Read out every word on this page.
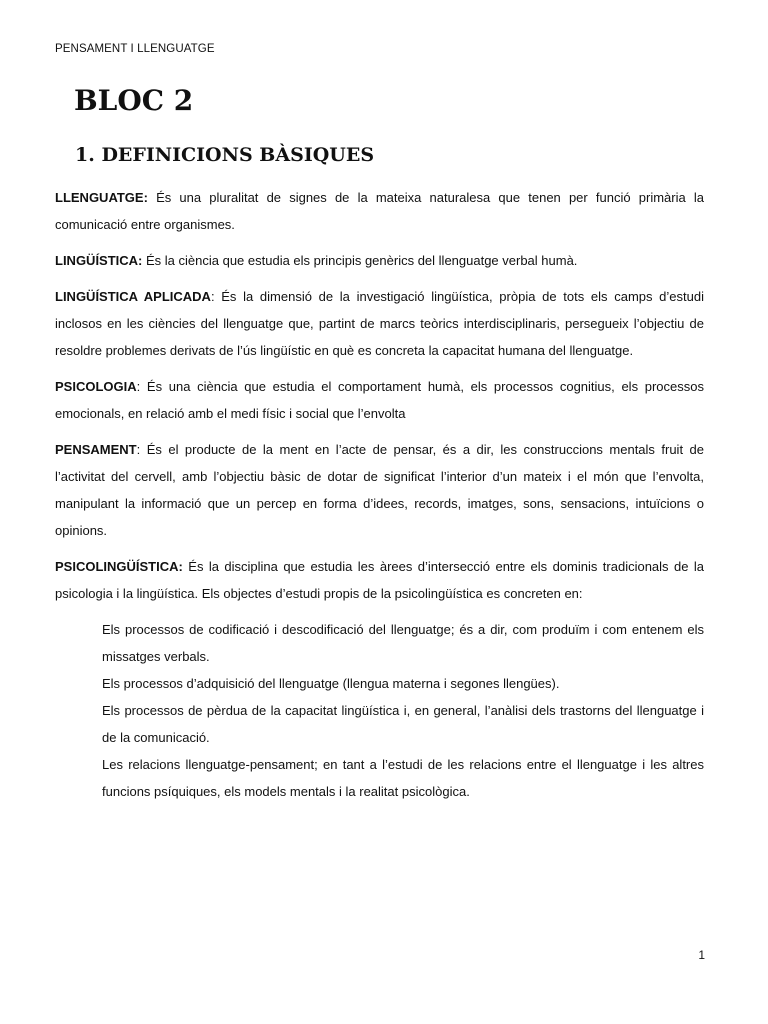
PENSAMENT I LLENGUATGE
BLOC 2
1. DEFINICIONS BÀSIQUES

LLENGUATGE: És una pluralitat de signes de la mateixa naturalesa que tenen per funció primària la comunicació entre organismes.

LINGÜÍSTICA: És la ciència que estudia els principis genèrics del llenguatge verbal humà.

LINGÜÍSTICA APLICADA: És la dimensió de la investigació lingüística, pròpia de tots els camps d’estudi inclosos en les ciències del llenguatge que, partint de marcs teòrics interdisciplinaris, persegueix l’objectiu de resoldre problemes derivats de l’ús lingüístic en què es concreta la capacitat humana del llenguatge.

PSICOLOGIA: És una ciència que estudia el comportament humà, els processos cognitius, els processos emocionals, en relació amb el medi físic i social que l’envolta

PENSAMENT: És el producte de la ment en l’acte de pensar, és a dir, les construccions mentals fruit de l’activitat del cervell, amb l’objectiu bàsic de dotar de significat l’interior d’un mateix i el món que l’envolta, manipulant la informació que un percep en forma d’idees, records, imatges, sons, sensacions, intuïcions o opinions.

PSICOLINGÜÍSTICA: És la disciplina que estudia les àrees d’intersecció entre els dominis tradicionals de la psicologia i la lingüística. Els objectes d’estudi propis de la psicolingüística es concreten en:

Els processos de codificació i descodificació del llenguatge; és a dir, com produïm i com entenem els missatges verbals.
Els processos d’adquisició del llenguatge (llengua materna i segones llengües).
Els processos de pèrdua de la capacitat lingüística i, en general, l’anàlisi dels trastorns del llenguatge i de la comunicació.
Les relacions llenguatge-pensament; en tant a l’estudi de les relacions entre el llenguatge i les altres funcions psíquiques, els models mentals i la realitat psicològica.
1
